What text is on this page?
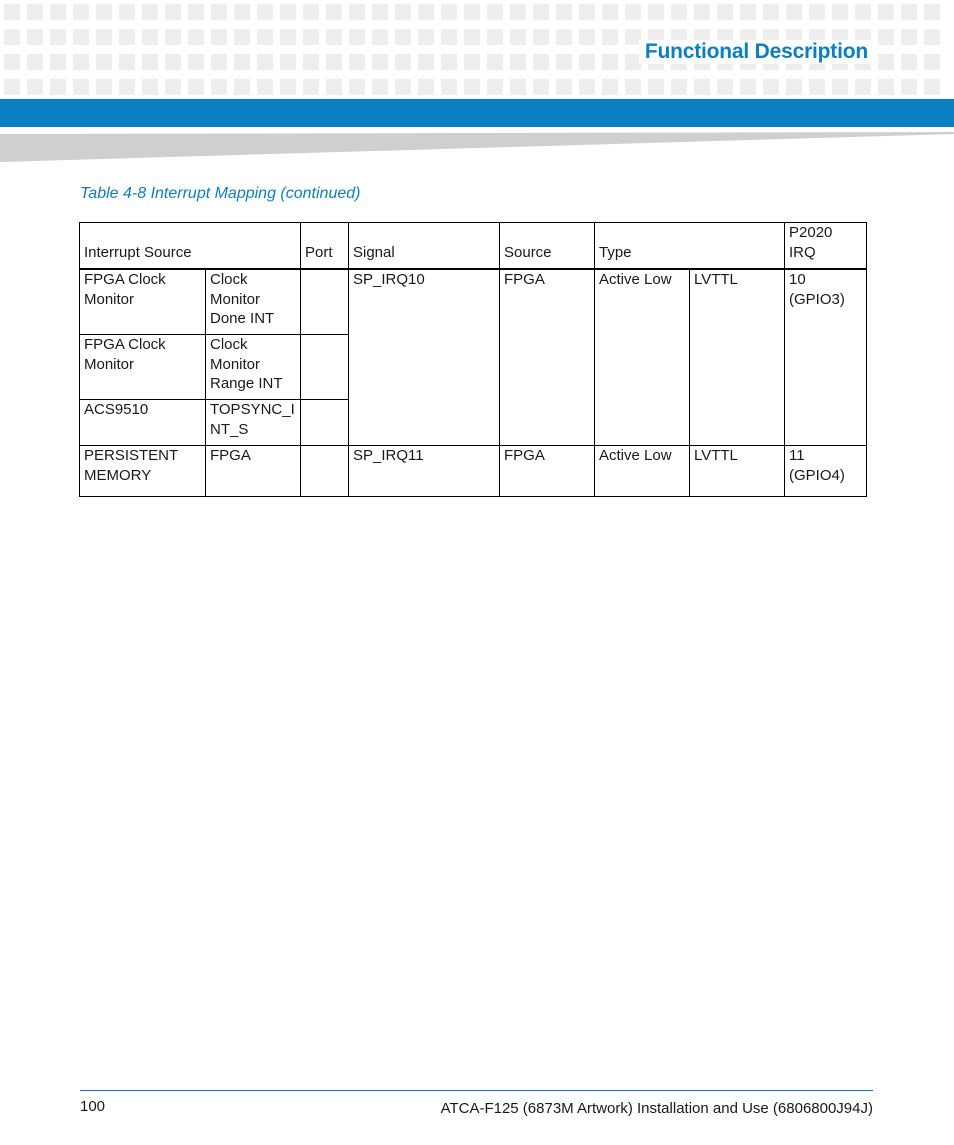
Functional Description

Table 4-8 Interrupt Mapping (continued)

Interrupt Source		Port	Signal	Source	Type		P2020
IRQ
FPGA Clock Monitor	Clock Monitor Done INT		SP_IRQ10	FPGA	Active Low	LVTTL	10
(GPIO3)
FPGA Clock Monitor	Clock Monitor Range INT						
ACS9510	TOPSYNC_INT_S						
PERSISTENT MEMORY	FPGA		SP_IRQ11	FPGA	Active Low	LVTTL	11
(GPIO4)

100	ATCA-F125 (6873M Artwork) Installation and Use (6806800J94J)
